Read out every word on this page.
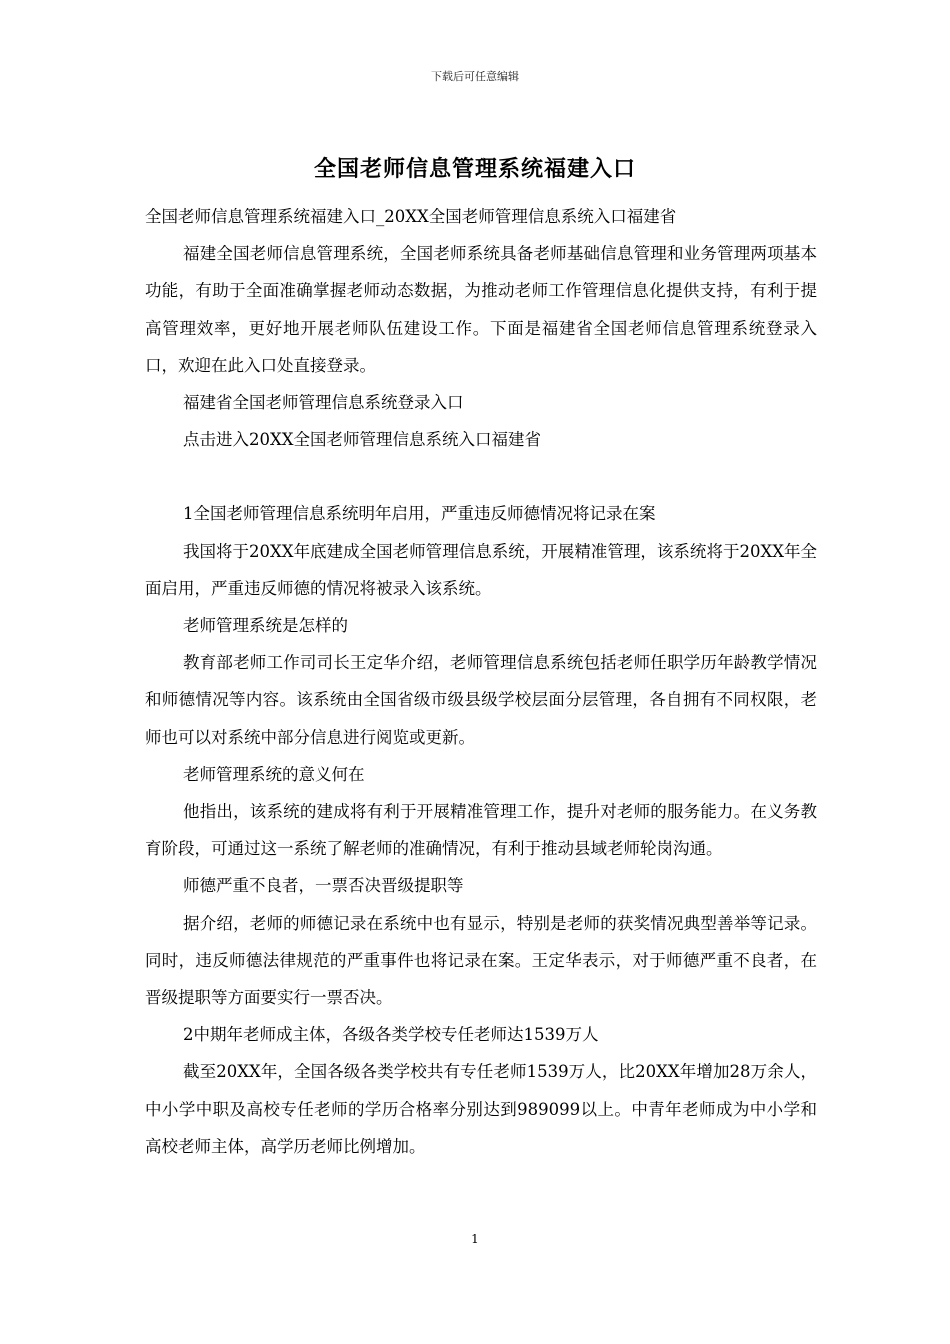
下载后可任意编辑
全国老师信息管理系统福建入口

全国老师信息管理系统福建入口_20XX全国老师管理信息系统入口福建省

福建全国老师信息管理系统，全国老师系统具备老师基础信息管理和业务管理两项基本功能，有助于全面准确掌握老师动态数据，为推动老师工作管理信息化提供支持，有利于提高管理效率，更好地开展老师队伍建设工作。下面是福建省全国老师信息管理系统登录入口，欢迎在此入口处直接登录。

福建省全国老师管理信息系统登录入口

点击进入20XX全国老师管理信息系统入口福建省

1全国老师管理信息系统明年启用，严重违反师德情况将记录在案

我国将于20XX年底建成全国老师管理信息系统，开展精准管理，该系统将于20XX年全面启用，严重违反师德的情况将被录入该系统。

老师管理系统是怎样的

教育部老师工作司司长王定华介绍，老师管理信息系统包括老师任职学历年龄教学情况和师德情况等内容。该系统由全国省级市级县级学校层面分层管理，各自拥有不同权限，老师也可以对系统中部分信息进行阅览或更新。

老师管理系统的意义何在

他指出，该系统的建成将有利于开展精准管理工作，提升对老师的服务能力。在义务教育阶段，可通过这一系统了解老师的准确情况，有利于推动县域老师轮岗沟通。

师德严重不良者，一票否决晋级提职等

据介绍，老师的师德记录在系统中也有显示，特别是老师的获奖情况典型善举等记录。同时，违反师德法律规范的严重事件也将记录在案。王定华表示，对于师德严重不良者，在晋级提职等方面要实行一票否决。

2中期年老师成主体，各级各类学校专任老师达1539万人

截至20XX年，全国各级各类学校共有专任老师1539万人，比20XX年增加28万余人，中小学中职及高校专任老师的学历合格率分别达到989099以上。中青年老师成为中小学和高校老师主体，高学历老师比例增加。

1
